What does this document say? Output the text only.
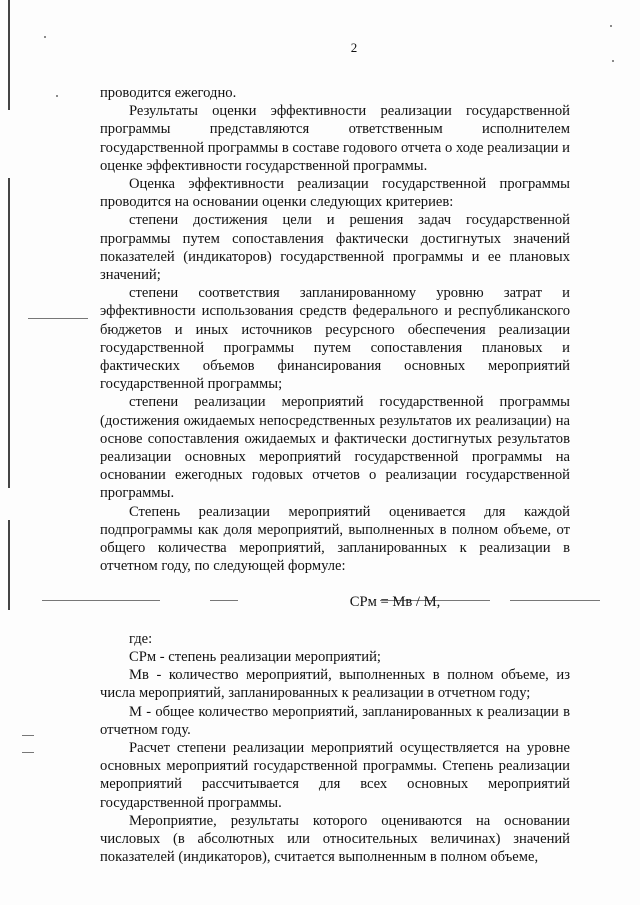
2

проводится ежегодно.

Результаты оценки эффективности реализации государственной программы представляются ответственным исполнителем государственной программы в составе годового отчета о ходе реализации и оценке эффективности государственной программы.

Оценка эффективности реализации государственной программы проводится на основании оценки следующих критериев:

степени достижения цели и решения задач государственной программы путем сопоставления фактически достигнутых значений показателей (индикаторов) государственной программы и ее плановых значений;

степени соответствия запланированному уровню затрат и эффективности использования средств федерального и республиканского бюджетов и иных источников ресурсного обеспечения реализации государственной программы путем сопоставления плановых и фактических объемов финансирования основных мероприятий государственной программы;

степени реализации мероприятий государственной программы (достижения ожидаемых непосредственных результатов их реализации) на основе сопоставления ожидаемых и фактически достигнутых результатов реализации основных мероприятий государственной программы на основании ежегодных годовых отчетов о реализации государственной программы.

Степень реализации мероприятий оценивается для каждой подпрограммы как доля мероприятий, выполненных в полном объеме, от общего количества мероприятий, запланированных к реализации в отчетном году, по следующей формуле:

СРм = Мв / М,

где:

СРм - степень реализации мероприятий;

Мв - количество мероприятий, выполненных в полном объеме, из числа мероприятий, запланированных к реализации в отчетном году;

М - общее количество мероприятий, запланированных к реализации в отчетном году.

Расчет степени реализации мероприятий осуществляется на уровне основных мероприятий государственной программы. Степень реализации мероприятий рассчитывается для всех основных мероприятий государственной программы.

Мероприятие, результаты которого оцениваются на основании числовых (в абсолютных или относительных величинах) значений показателей (индикаторов), считается выполненным в полном объеме,
